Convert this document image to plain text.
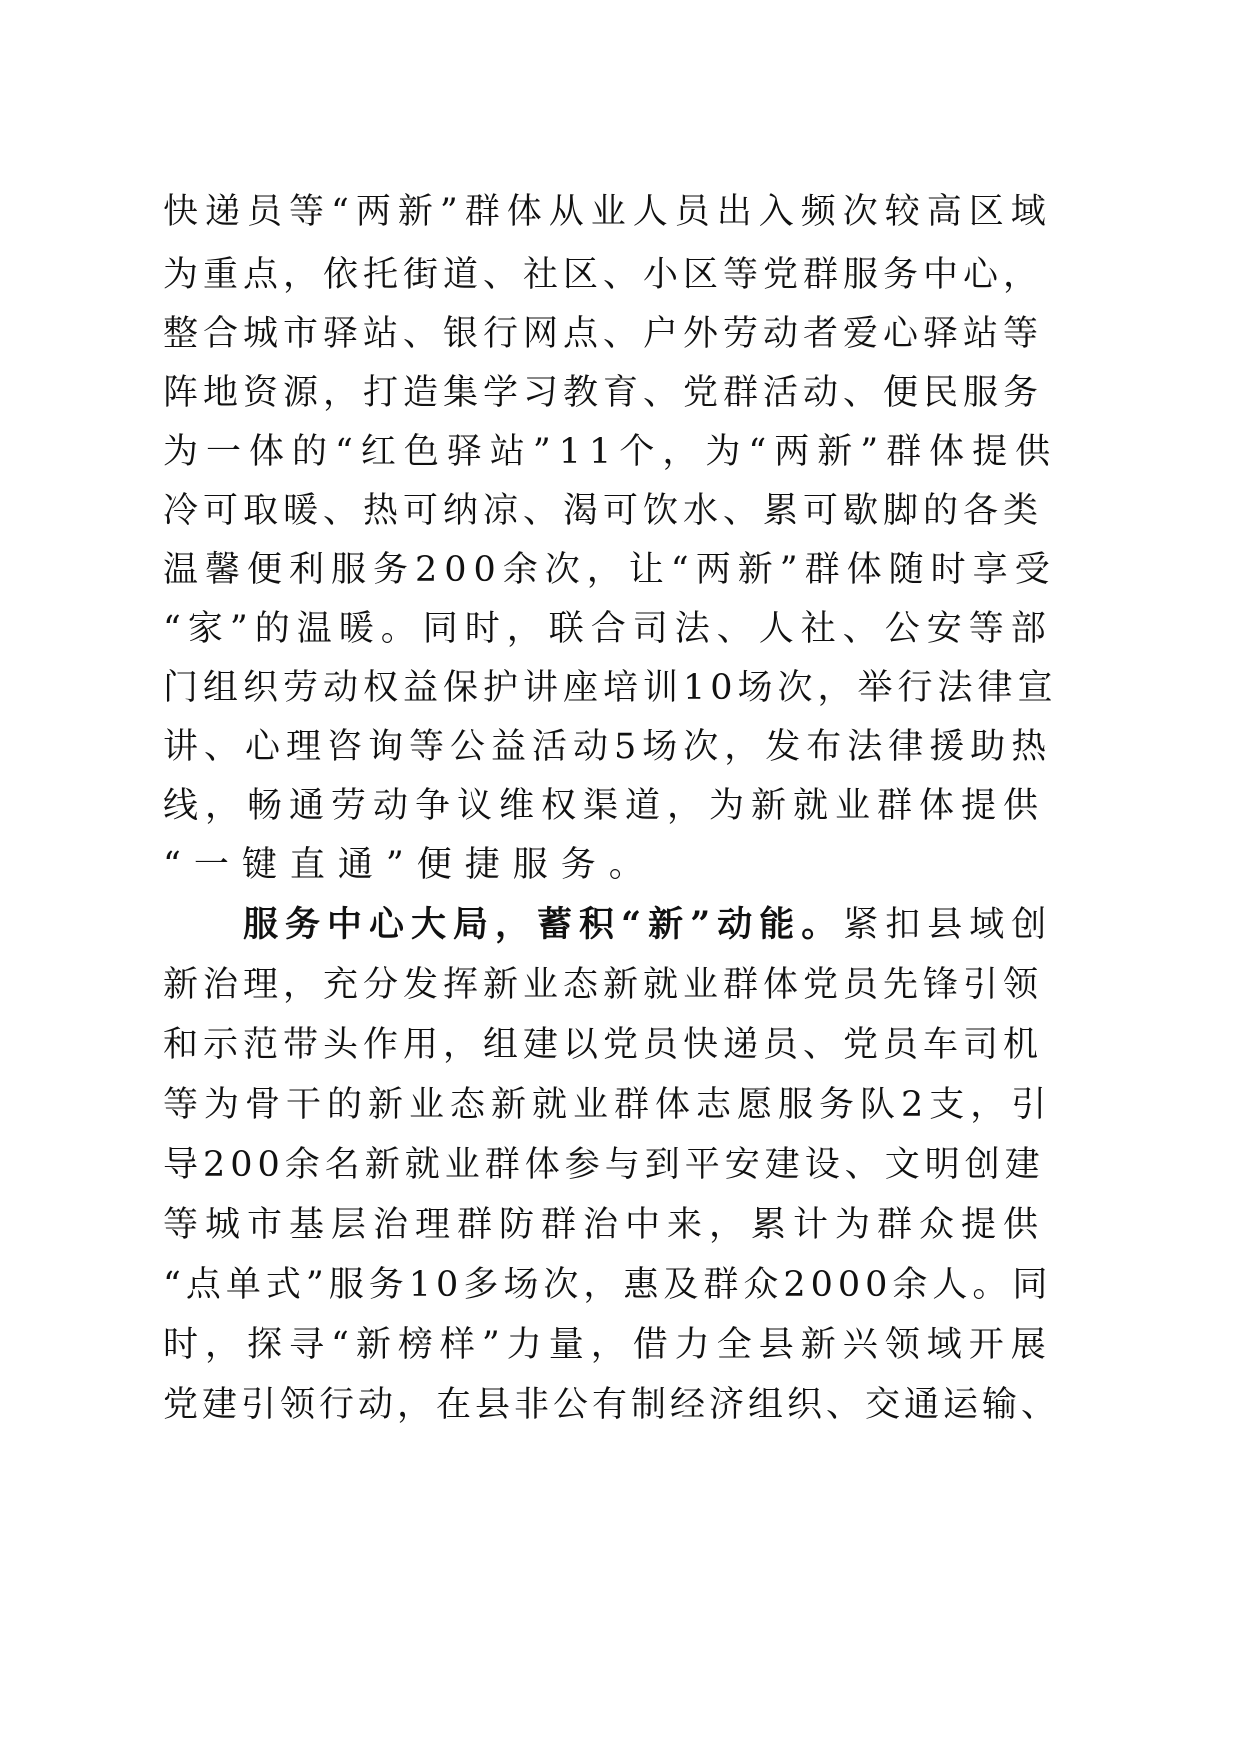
快递员等“两新”群体从业人员出入频次较高区域
为重点，依托街道、社区、小区等党群服务中心，
整合城市驿站、银行网点、户外劳动者爱心驿站等
阵地资源，打造集学习教育、党群活动、便民服务
为一体的“红色驿站”11个，为“两新”群体提供
冷可取暖、热可纳凉、渴可饮水、累可歇脚的各类
温馨便利服务200余次，让“两新”群体随时享受
“家”的温暖。同时，联合司法、人社、公安等部
门组织劳动权益保护讲座培训10场次，举行法律宣
讲、心理咨询等公益活动5场次，发布法律援助热
线，畅通劳动争议维权渠道，为新就业群体提供
“一键直通”便捷服务。
服务中心大局，蓄积“新”动能。紧扣县域创
新治理，充分发挥新业态新就业群体党员先锋引领
和示范带头作用，组建以党员快递员、党员车司机
等为骨干的新业态新就业群体志愿服务队2支，引
导200余名新就业群体参与到平安建设、文明创建
等城市基层治理群防群治中来，累计为群众提供
“点单式”服务10多场次，惠及群众2000余人。同
时，探寻“新榜样”力量，借力全县新兴领域开展
党建引领行动，在县非公有制经济组织、交通运输、
